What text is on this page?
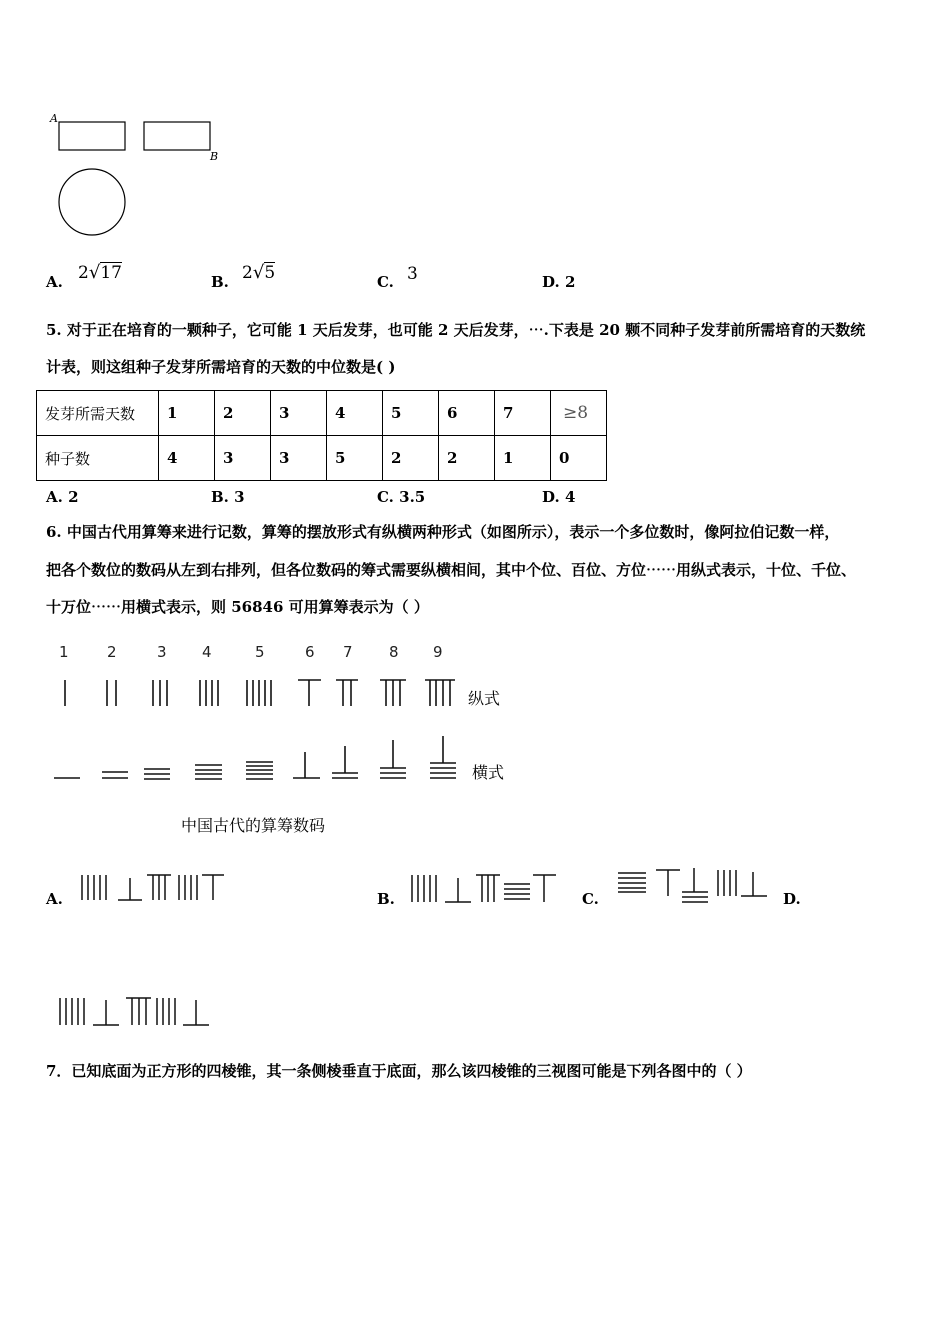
A
B
A. 2√17	B. 2√5	C. 3	D. 2
5. 对于正在培育的一颗种子，它可能 1 天后发芽，也可能 2 天后发芽，⋯.下表是 20 颗不同种子发芽前所需培育的天数统
计表，则这组种子发芽所需培育的天数的中位数是( )
发芽所需天数	1	2	3	4	5	6	7	≥8
种子数	4	3	3	5	2	2	1	0
A. 2	B. 3	C. 3.5	D. 4
6. 中国古代用算筹来进行记数，算筹的摆放形式有纵横两种形式（如图所示），表示一个多位数时，像阿拉伯记数一样，
把各个数位的数码从左到右排列，但各位数码的筹式需要纵横相间，其中个位、百位、方位⋯⋯用纵式表示，十位、千位、
十万位⋯⋯用横式表示，则 56846 可用算筹表示为（ ）
1	2	3 4	5	6 7 8 9
纵式
横式
中国古代的算筹数码
A.	B.	C.	D.
7．已知底面为正方形的四棱锥，其一条侧棱垂直于底面，那么该四棱锥的三视图可能是下列各图中的（ ）
